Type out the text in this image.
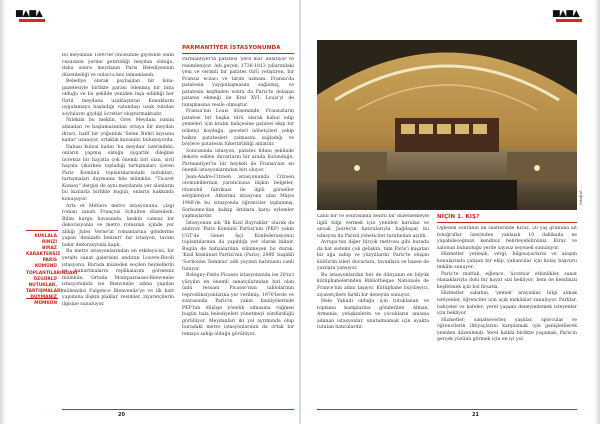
■▲■▲

bu meydanın 1800'ler öncesinde giyotinle ölüm cezasının yerine getirildiği meydan olduğu, daha sonra meydanın Paris Belediyesinin düzenlediği ve onlarca kez tamamlandı.

Belediye olarak paylaşılan bir bina-gazetesiyle birlikte parası ödenmiş bir bina olduğu ve bu şekilde yeniden inşa edildiği her türlü meydana uzaklaştıran Konukların uygulamaya başladığı vatandaşı uzak tutulan soyluların giydiği ücretler oluşturmaktadır.

Nitekim bu meklin, Grev Meydanı ismini almadan ve başlamasından ortaya bir meydan ihracı, hafif bir yoğunluk 'Seine Nehri kıyısına kadar' uzanıyor, ortaklık kazanılır, bulunuyordu.

Dahası kutsal kadın 'bu meydan' üzerindeki, onların yapmış olduğu uygarlık dileğine ücretsiz bir hayatla çok önemli biri olan, sivil hayata çıkarken topladığı tartışmaları içeren Paris Komünü toplantılarındaki nutukları, tartışmaları duymanız bile mümkün. "Ticaret Konsey" dergisi de aynı meydanda yer alanların bu kızılarla birlikte bugün, onların hakkında konuşuyor.

Arts et Métiers metro istasyonunu, çizgi roman sanatı François Schuiten düzenledi. Bilim kurgu havasında, keskin camsız bir dekorasyonla ve metro rotasının içinde yer aldığı Jules Verne'in romanlarına gönderme yapan 'denizaltı benzeri' bir istasyon, tavanı bakır dekorasyonla kaplı.

Bu metro istasyonlarından en etkileyicisi, bir yeraltı sanat galerisini andıran Louvre-Rivoli istasyonu. Burada müzeden seçilen heykellerin ve kabartmaların replikalarını görmeniz mümkün. Ortada Montparnasse-Bienvenüe istasyonunda ise Bienvenüe adına yapılan mühendisi Fulgence Bienvenüe'ye ve ilk hatt yapımına ilişkin plaklar, resimler, ziyaretçilerin ilgisine sunuluyor.

KUKLALA RINIZI BIRAZ KARAKTERSIZ PARIS KOMÜNÜ TOPLANTILARINDAKI ÖZGÜRLÜ NUTUKLAR, TARTIŞMALARI MÜMKÜN
PARMANTİYER İSTASYONUNDA

Parmantiyer'in patatesi 'yerli mal' anlatıyor ve resimleniyor. Adı geçen, 1736-1813 yıllarındaki yeni ve verimli bir patates türü yetiştiren, bir Fransız eczacı ve tarım uzmanı. Fransa'da patatesin yaygınlaşmasını sağlamış, ve patatesin keşfinden sonra da Paris'te dolaşan patates ekmeği ile Kral XVI. Louis'yi de tanışmasına vesile olmuştur.

Fransa'nın Louis döneminde, Fransızların patatesi bir başka türü olarak kabul edip yemeleri için kralın bahçesine patates ekip bir nöbetçi koyduğu, geceleri nöbetçileri çekip halkın patatesleri çalmasını sağladığı ve böylece patatesin tükettirildiği anlatılır.

Sonrasında istasyon, patates fidanı şeklinde dekore edilen duvarların bir arada bulunduğu, Parmantiyer'in bir heykeli ile Fransa'nın en önemli istasyonlarından biri oluyor.

Jean-Andre-Citroen istasyonunda Citroen otomobillerinin yaratıcısına ilişkin belgeler, otomobil fabrikası ile ilgili görseller sergileniyor. Aktarma istasyonu olan Mayıs 1968'de bu istasyonda öğrenciler toplanmış, Sorbonne'dan kalkıp iktidara karşı eylemler yapmışlardır.

İstasyonun adı 'Ilk Kızıl Bayraklar' olarak da anılıyor. Paris Komünü Partisi'nin (PKP) yakın CGT'de Genel İşçi Konfederasyonu) toplantılarının da yapıldığı yer olarak bilinir. Bugün de hafızalardan silinmeyen bu durak, 'Kızıl Komünist Partisi'nin (Paris), 2006' başlıklı 'Sorbonne Temmuz' adlı yayının hatırasını canlı tutuyor.

Bobigny-Pablo Picasso istasyonunda ise 20'nci yüzyılın en önemli sanatçılarından biri olan ünlü ressam Picasso'nun tablolarının reprodüksiyonlarına yer verilmiş. 1970'lerde ve sonrasında Paris'in yakın banliyölerinde PKP'nin düşüşe yönelik olmasına rağmen bugün hala belediyeleri yönetmeyi sürdürdüğü görülüyor. Meydanları iki yol ayrımında olup buradaki metro istasyonlarının da ortak bir temaya sahip olduğu görülüyor.

20
■▲■▲
Fotoğraf: .....

Lalili bir ve sonrasında belirli bir düzenlemeyle ilgili bilgi vermek için yeniden kurulan ve ancak Jaurès'in hatıralarıyla bağdaşan bu istasyon da Parisli yöneticiler tarafından açıldı.

Avrupa'nın diğer birçok metrosu gibi burada da hat sistemi çok gelişkin, tüm Paris'i kuşatan bir ağa sahip ve yüzyıllardır Paris'te oluşan kültürün izleri duvarlara, tavanlara ve bazen de yazılara yansıyor.

Bu istasyonlardan biri de dünyanın en büyük kütüphanelerinden Bibliothèque Nationale de France'nin adını taşıyor. Kütüphane büyüleyici, ziyaretçilere farklı bir deneyim sunuyor.

Hele Yahudi olduğu için tutuklanan ve toplama kamplarına gönderilen Alman, Armenia, yetişkinlerin ve çocukların anısına adanan istasyonlar, unutulmamak için ayakta tutulan hatıralardır.

NİÇİN 1. KIŞ?

Öğleden sonranın ilk saatlerinde Kiraz, 50 yaş grubuna ait fotoğraflar üzerinden yaklaşık 10 dakikada ne yapabileceğinizi kendiniz belirleyebilirsiniz. Kiraz ve salonun bulunduğu yerde sayısız seçenek sunuluyor.

Hizmetler yerleşik, vergi, bilgisayarların ve ulaşım konularında çalışan bir ekip, yabancılar için kolay başvuru imkânı sunuyor.

Paris'te mutfak, eğlence, 'ücretsiz' etkinlikler, sanat olanaklarıyla dolu bir hayat sizi bekliyor; hem de kendinizi keşfetmek için bol fırsatla.

Hizmetler sabahın, 'yemek' arayanlar, bilgi almak isteyenler, öğrenciler için açık mekânlar sunuluyor. Parklar, bahçeler ve kafeler; yerel yaşamı deneyimlemek isteyenler için bekliyor.

Hizmetler; sanatseverler, yaşlılar, sporcular ve öğrencilerin ihtiyaçlarını karşılamak için genişletilerek yeniden düzenlendi. Yerel halkla birlikte yaşamak, Paris'in gerçek yüzünü görmek için en iyi yol.

21
